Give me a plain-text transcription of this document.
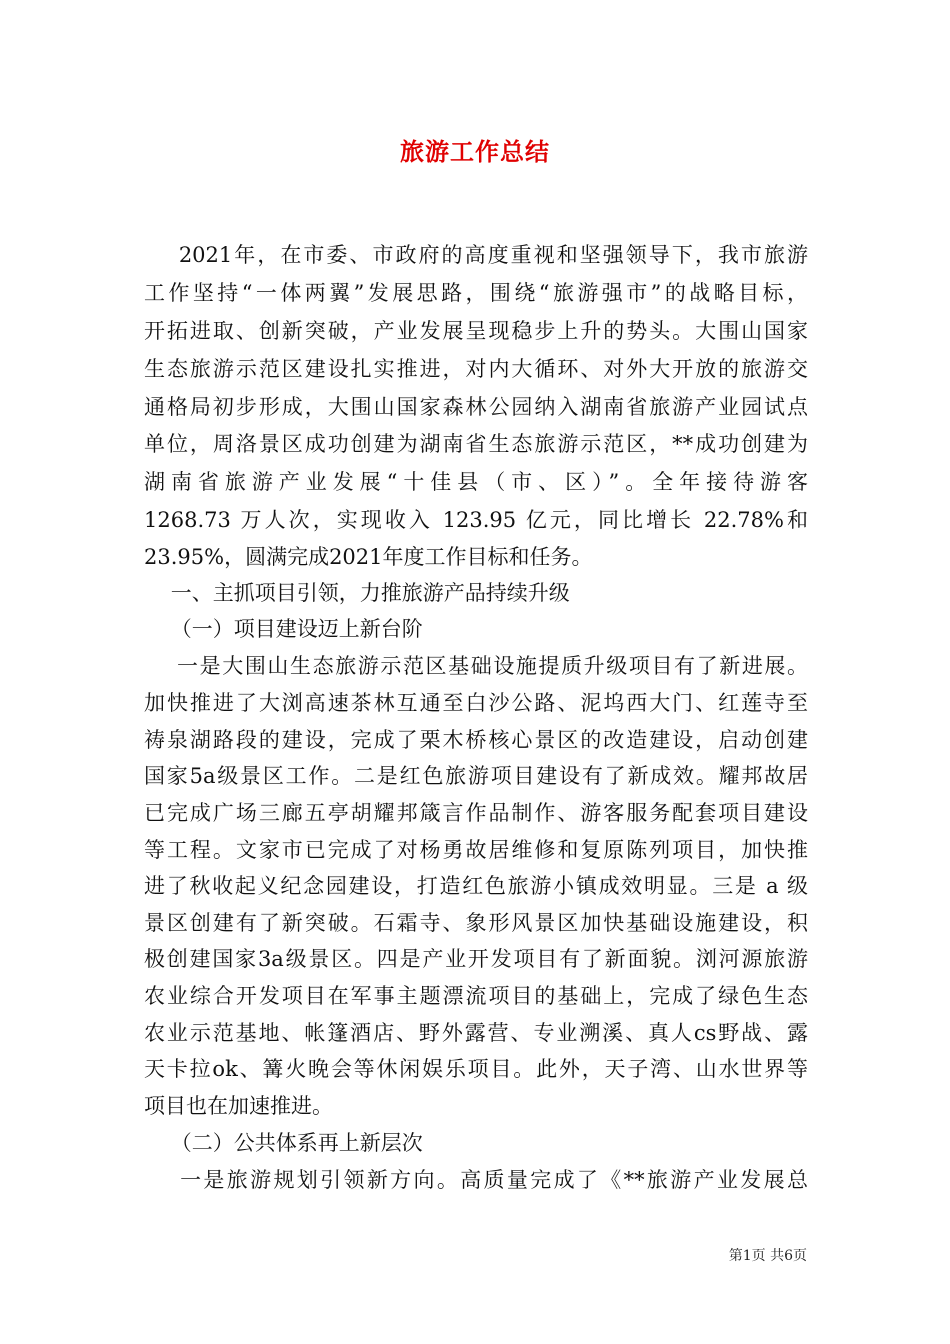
旅游工作总结
2021年，在市委、市政府的高度重视和坚强领导下，我市旅游
工作坚持“一体两翼”发展思路，围绕“旅游强市”的战略目标，
开拓进取、创新突破，产业发展呈现稳步上升的势头。大围山国家
生态旅游示范区建设扎实推进，对内大循环、对外大开放的旅游交
通格局初步形成，大围山国家森林公园纳入湖南省旅游产业园试点
单位，周洛景区成功创建为湖南省生态旅游示范区，**成功创建为
湖南省旅游产业发展“十佳县（市、区）”。全年接待游客
1268.73 万人次，实现收入 123.95 亿元，同比增长 22.78%和
23.95%，圆满完成2021年度工作目标和任务。
一、主抓项目引领，力推旅游产品持续升级
（一）项目建设迈上新台阶
一是大围山生态旅游示范区基础设施提质升级项目有了新进展。
加快推进了大浏高速茶林互通至白沙公路、泥坞西大门、红莲寺至
祷泉湖路段的建设，完成了栗木桥核心景区的改造建设，启动创建
国家5a级景区工作。二是红色旅游项目建设有了新成效。耀邦故居
已完成广场三廊五亭胡耀邦箴言作品制作、游客服务配套项目建设
等工程。文家市已完成了对杨勇故居维修和复原陈列项目，加快推
进了秋收起义纪念园建设，打造红色旅游小镇成效明显。三是 a 级
景区创建有了新突破。石霜寺、象形风景区加快基础设施建设，积
极创建国家3a级景区。四是产业开发项目有了新面貌。浏河源旅游
农业综合开发项目在军事主题漂流项目的基础上，完成了绿色生态
农业示范基地、帐篷酒店、野外露营、专业溯溪、真人cs野战、露
天卡拉ok、篝火晚会等休闲娱乐项目。此外，天子湾、山水世界等
项目也在加速推进。
（二）公共体系再上新层次
一是旅游规划引领新方向。高质量完成了《**旅游产业发展总
第1页 共6页
